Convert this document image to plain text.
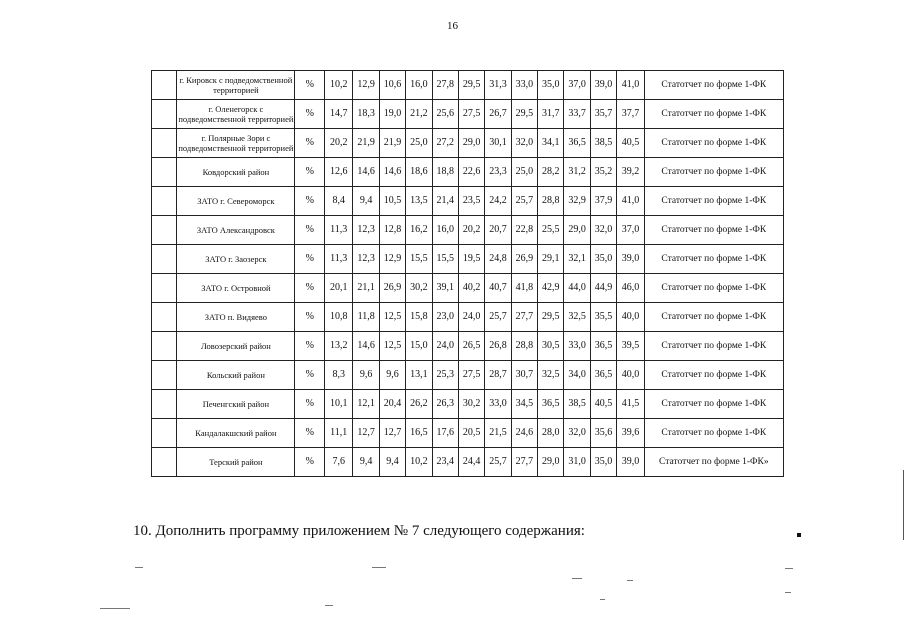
16
	г. Кировск с подведомственной территорией	%	10,2	12,9	10,6	16,0	27,8	29,5	31,3	33,0	35,0	37,0	39,0	41,0	Статотчет по форме 1-ФК
	г. Оленегорск с подведомственной территорией	%	14,7	18,3	19,0	21,2	25,6	27,5	26,7	29,5	31,7	33,7	35,7	37,7	Статотчет по форме 1-ФК
	г. Полярные Зори с подведомственной территорией	%	20,2	21,9	21,9	25,0	27,2	29,0	30,1	32,0	34,1	36,5	38,5	40,5	Статотчет по форме 1-ФК
	Ковдорский район	%	12,6	14,6	14,6	18,6	18,8	22,6	23,3	25,0	28,2	31,2	35,2	39,2	Статотчет по форме 1-ФК
	ЗАТО г. Североморск	%	8,4	9,4	10,5	13,5	21,4	23,5	24,2	25,7	28,8	32,9	37,9	41,0	Статотчет по форме 1-ФК
	ЗАТО Александровск	%	11,3	12,3	12,8	16,2	16,0	20,2	20,7	22,8	25,5	29,0	32,0	37,0	Статотчет по форме 1-ФК
	ЗАТО г. Заозерск	%	11,3	12,3	12,9	15,5	15,5	19,5	24,8	26,9	29,1	32,1	35,0	39,0	Статотчет по форме 1-ФК
	ЗАТО г. Островной	%	20,1	21,1	26,9	30,2	39,1	40,2	40,7	41,8	42,9	44,0	44,9	46,0	Статотчет по форме 1-ФК
	ЗАТО п. Видяево	%	10,8	11,8	12,5	15,8	23,0	24,0	25,7	27,7	29,5	32,5	35,5	40,0	Статотчет по форме 1-ФК
	Ловозерский район	%	13,2	14,6	12,5	15,0	24,0	26,5	26,8	28,8	30,5	33,0	36,5	39,5	Статотчет по форме 1-ФК
	Кольский район	%	8,3	9,6	9,6	13,1	25,3	27,5	28,7	30,7	32,5	34,0	36,5	40,0	Статотчет по форме 1-ФК
	Печенгский район	%	10,1	12,1	20,4	26,2	26,3	30,2	33,0	34,5	36,5	38,5	40,5	41,5	Статотчет по форме 1-ФК
	Кандалакшский район	%	11,1	12,7	12,7	16,5	17,6	20,5	21,5	24,6	28,0	32,0	35,6	39,6	Статотчет по форме 1-ФК
	Терский район	%	7,6	9,4	9,4	10,2	23,4	24,4	25,7	27,7	29,0	31,0	35,0	39,0	Статотчет по форме 1-ФК»
10. Дополнить программу приложением № 7 следующего содержания:
